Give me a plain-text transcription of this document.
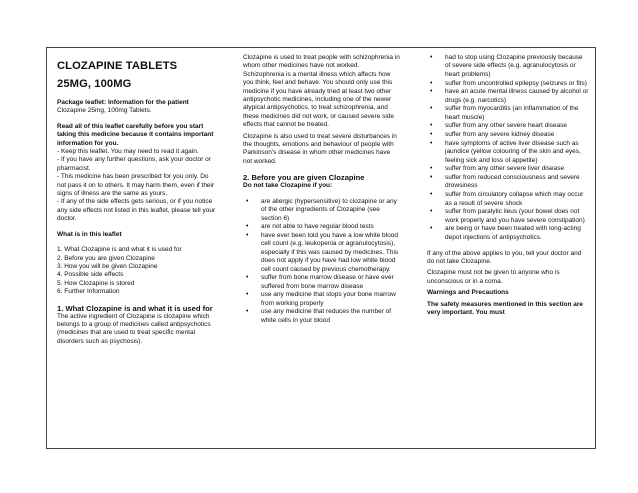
CLOZAPINE TABLETS

25MG, 100MG

Package leaflet: Information for the patient

Clozapine 25mg, 100mg Tablets.

Read all of this leaflet carefully before you start taking this medicine because it contains important information for you.

- Keep this leaflet. You may need to read it again.

- If you have any further questions, ask your doctor or pharmacist.

- This medicine has been prescribed for you only. Do not pass it on to others. It may harm them, even if their signs of illness are the same as yours.

- If any of the side effects gets serious, or if you notice any side effects not listed in this leaflet, please tell your doctor.

What is in this leaflet

1. What Clozapine is and what it is used for

2. Before you are given Clozapine

3. How you will be given Clozapine

4. Possible side effects

5. How Clozapine is stored

6. Further Information

1. What Clozapine is and what it is used for

The active ingredient of Clozapine is clozapine which belongs to a group of medicines called antipsychotics (medicines that are used to treat specific mental disorders such as psychosis).

Clozapine is used to treat people with schizophrenia in whom other medicines have not worked. Schizophrenia is a mental illness which affects how you think, feel and behave. You should only use this medicine if you have already tried at least two other antipsychotic medicines, including one of the newer atypical antipsychotics, to treat schizophrenia, and these medicines did not work, or caused severe side effects that cannot be treated.

Clozapine is also used to treat severe disturbances in the thoughts, emotions and behaviour of people with Parkinson's disease in whom other medicines have not worked.

2. Before you are given Clozapine

Do not take Clozapine if you:

• are allergic (hypersensitive) to clozapine or any of the other ingredients of Clozapine (see section 6)
• are not able to have regular blood tests
• have ever been told you have a low white blood cell count (e.g. leukopenia or agranulocytosis), especially if this was caused by medicines. This does not apply if you have had low white blood cell count caused by previous chemotherapy.
• suffer from bone marrow disease or have ever suffered from bone marrow disease
• use any medicine that stops your bone marrow from working properly
• use any medicine that reduces the number of white cells in your blood
• had to stop using Clozapine previously because of severe side effects (e.g. agranulocytosis or heart problems)
• suffer from uncontrolled epilepsy (seizures or fits)
• have an acute mental illness caused by alcohol or drugs (e.g. narcotics)
• suffer from myocarditis (an inflammation of the heart muscle)
• suffer from any other severe heart disease
• suffer from any severe kidney disease
• have symptoms of active liver disease such as jaundice (yellow colouring of the skin and eyes, feeling sick and loss of appetite)
• suffer from any other severe liver disease
• suffer from reduced consciousness and severe drowsiness
• suffer from circulatory collapse which may occur as a result of severe shock
• suffer from paralytic ileus (your bowel does not work properly and you have severe constipation)
• are being or have been treated with long-acting depot injections of antipsychotics.

If any of the above applies to you, tell your doctor and do not take Clozapine.

Clozapine must not be given to anyone who is unconscious or in a coma.

Warnings and Precautions

The safety measures mentioned in this section are very important. You must
